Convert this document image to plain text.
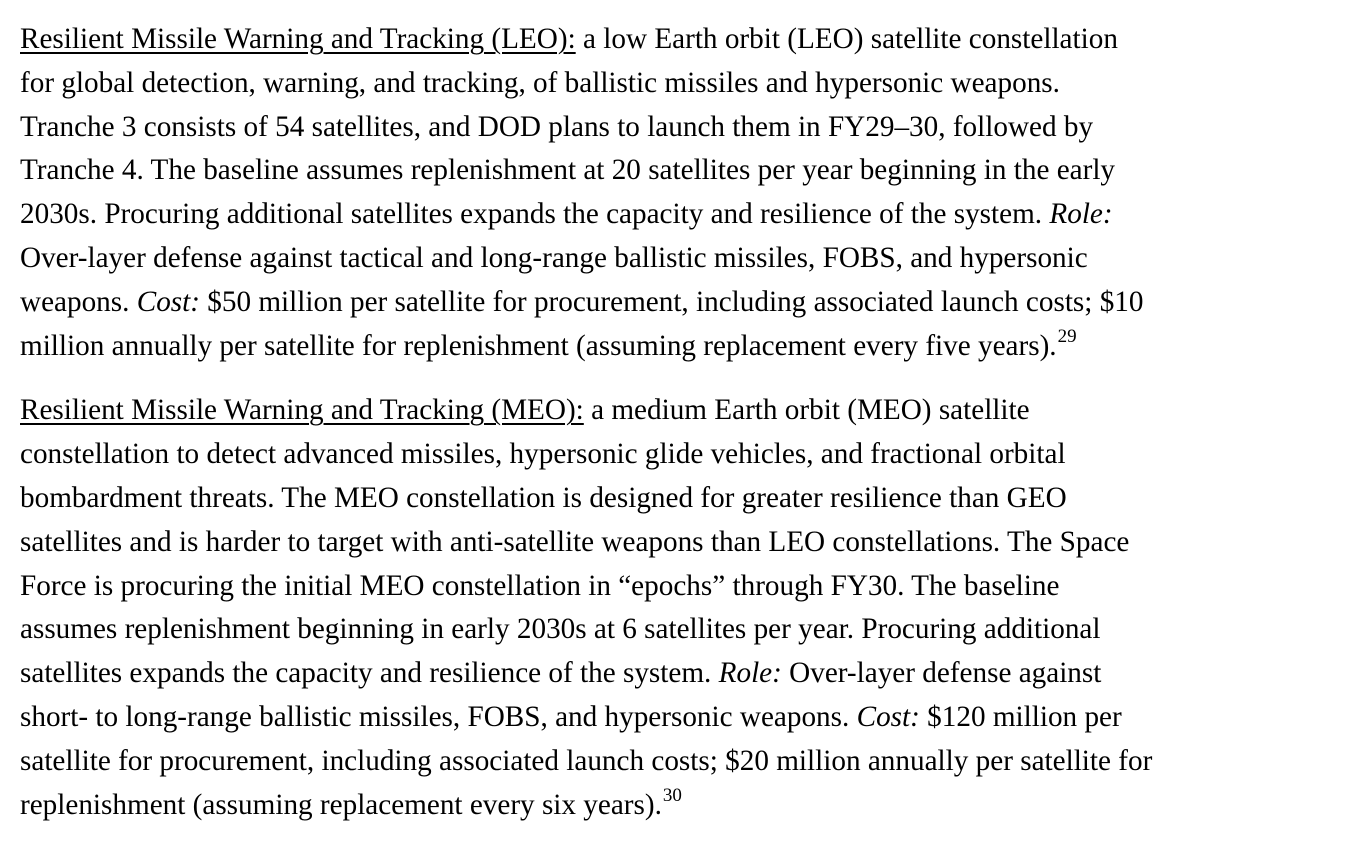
Resilient Missile Warning and Tracking (LEO): a low Earth orbit (LEO) satellite constellation
for global detection, warning, and tracking, of ballistic missiles and hypersonic weapons.
Tranche 3 consists of 54 satellites, and DOD plans to launch them in FY29–30, followed by
Tranche 4. The baseline assumes replenishment at 20 satellites per year beginning in the early
2030s. Procuring additional satellites expands the capacity and resilience of the system. Role:
Over-layer defense against tactical and long-range ballistic missiles, FOBS, and hypersonic
weapons. Cost: $50 million per satellite for procurement, including associated launch costs; $10
million annually per satellite for replenishment (assuming replacement every five years).$^{29}$

Resilient Missile Warning and Tracking (MEO): a medium Earth orbit (MEO) satellite
constellation to detect advanced missiles, hypersonic glide vehicles, and fractional orbital
bombardment threats. The MEO constellation is designed for greater resilience than GEO
satellites and is harder to target with anti-satellite weapons than LEO constellations. The Space
Force is procuring the initial MEO constellation in “epochs” through FY30. The baseline
assumes replenishment beginning in early 2030s at 6 satellites per year. Procuring additional
satellites expands the capacity and resilience of the system. Role: Over-layer defense against
short- to long-range ballistic missiles, FOBS, and hypersonic weapons. Cost: $120 million per
satellite for procurement, including associated launch costs; $20 million annually per satellite for
replenishment (assuming replacement every six years).$^{30}$
